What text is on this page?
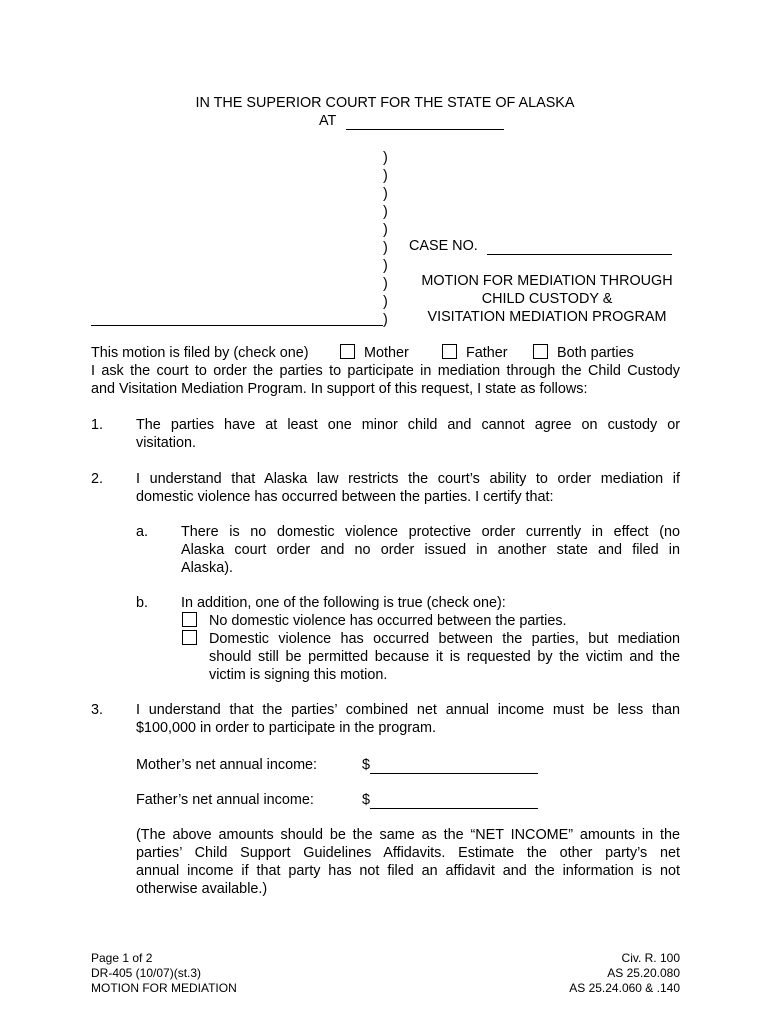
IN THE SUPERIOR COURT FOR THE STATE OF ALASKA
AT
)
)
)
)
)
)
)
)
)
)
CASE NO.
MOTION FOR MEDIATION THROUGH
CHILD CUSTODY &
VISITATION MEDIATION PROGRAM
This motion is filed by (check one)	Mother	Father	Both parties
I ask the court to order the parties to participate in mediation through the Child Custody
and Visitation Mediation Program. In support of this request, I state as follows:
1. The parties have at least one minor child and cannot agree on custody or
visitation.
2. I understand that Alaska law restricts the court’s ability to order mediation if
domestic violence has occurred between the parties. I certify that:
a. There is no domestic violence protective order currently in effect (no
Alaska court order and no order issued in another state and filed in
Alaska).
b. In addition, one of the following is true (check one):
No domestic violence has occurred between the parties.
Domestic violence has occurred between the parties, but mediation
should still be permitted because it is requested by the victim and the
victim is signing this motion.
3. I understand that the parties’ combined net annual income must be less than
$100,000 in order to participate in the program.
Mother’s net annual income:	$
Father’s net annual income:	$
(The above amounts should be the same as the “NET INCOME” amounts in the
parties’ Child Support Guidelines Affidavits. Estimate the other party’s net
annual income if that party has not filed an affidavit and the information is not
otherwise available.)
Page 1 of 2
DR-405 (10/07)(st.3)
MOTION FOR MEDIATION
Civ. R. 100
AS 25.20.080
AS 25.24.060 & .140
